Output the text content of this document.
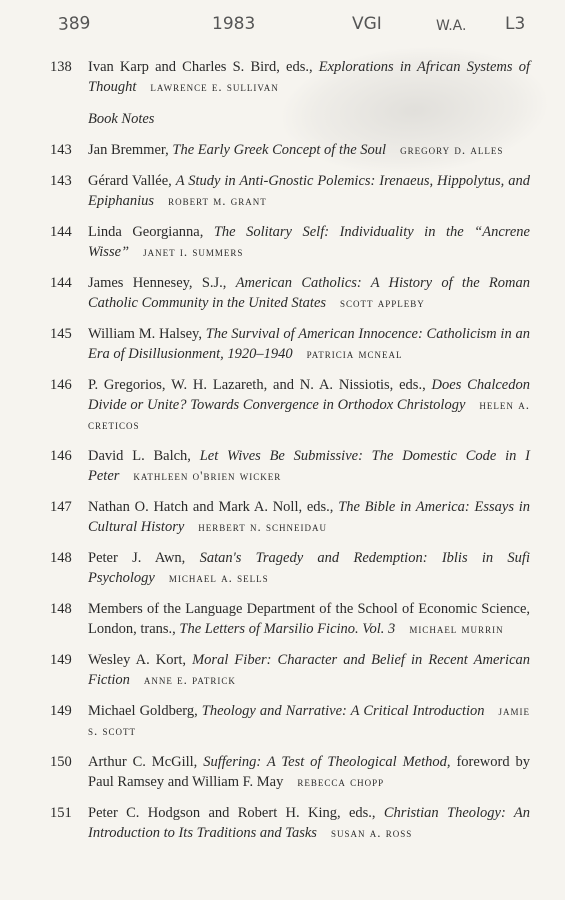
389	1983	VGI	W.A. L3
138	Ivan Karp and Charles S. Bird, eds., Explorations in African Systems of Thought lawrence e. sullivan
Book Notes
143	Jan Bremmer, The Early Greek Concept of the Soul gregory d. alles
143	Gérard Vallée, A Study in Anti-Gnostic Polemics: Irenaeus, Hippolytus, and Epiphanius robert m. grant
144	Linda Georgianna, The Solitary Self: Individuality in the “Ancrene Wisse” janet i. summers
144	James Hennesey, S.J., American Catholics: A History of the Roman Catholic Community in the United States scott appleby
145	William M. Halsey, The Survival of American Innocence: Catholicism in an Era of Disillusionment, 1920–1940 patricia mcneal
146	P. Gregorios, W. H. Lazareth, and N. A. Nissiotis, eds., Does Chalcedon Divide or Unite? Towards Convergence in Orthodox Christology helen a. creticos
146	David L. Balch, Let Wives Be Submissive: The Domestic Code in I Peter kathleen o'brien wicker
147	Nathan O. Hatch and Mark A. Noll, eds., The Bible in America: Essays in Cultural History herbert n. schneidau
148	Peter J. Awn, Satan's Tragedy and Redemption: Iblis in Sufi Psychology michael a. sells
148	Members of the Language Department of the School of Economic Science, London, trans., The Letters of Marsilio Ficino. Vol. 3 michael murrin
149	Wesley A. Kort, Moral Fiber: Character and Belief in Recent American Fiction anne e. patrick
149	Michael Goldberg, Theology and Narrative: A Critical Introduction jamie s. scott
150	Arthur C. McGill, Suffering: A Test of Theological Method, foreword by Paul Ramsey and William F. May rebecca chopp
151	Peter C. Hodgson and Robert H. King, eds., Christian Theology: An Introduction to Its Traditions and Tasks susan a. ross
